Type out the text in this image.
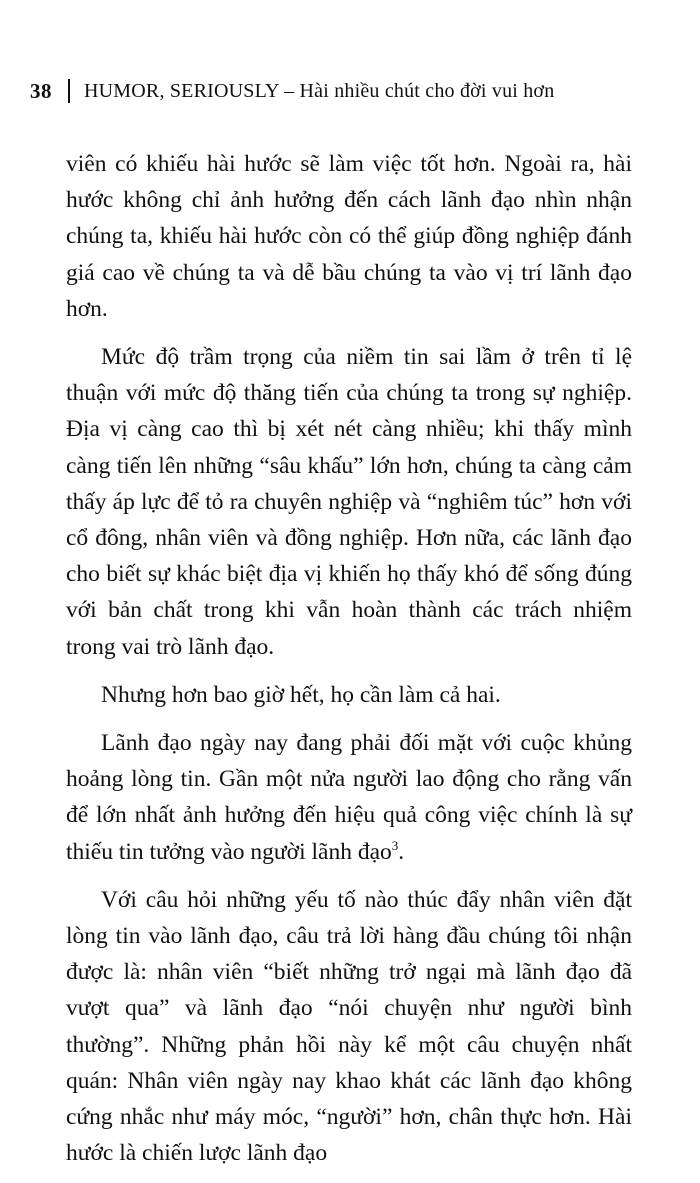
38 HUMOR, SERIOUSLY – Hài nhiều chút cho đời vui hơn

viên có khiếu hài hước sẽ làm việc tốt hơn. Ngoài ra, hài hước không chỉ ảnh hưởng đến cách lãnh đạo nhìn nhận chúng ta, khiếu hài hước còn có thể giúp đồng nghiệp đánh giá cao về chúng ta và dễ bầu chúng ta vào vị trí lãnh đạo hơn.

Mức độ trầm trọng của niềm tin sai lầm ở trên tỉ lệ thuận với mức độ thăng tiến của chúng ta trong sự nghiệp. Địa vị càng cao thì bị xét nét càng nhiều; khi thấy mình càng tiến lên những “sâu khấu” lớn hơn, chúng ta càng cảm thấy áp lực để tỏ ra chuyên nghiệp và “nghiêm túc” hơn với cổ đông, nhân viên và đồng nghiệp. Hơn nữa, các lãnh đạo cho biết sự khác biệt địa vị khiến họ thấy khó để sống đúng với bản chất trong khi vẫn hoàn thành các trách nhiệm trong vai trò lãnh đạo.

Nhưng hơn bao giờ hết, họ cần làm cả hai.

Lãnh đạo ngày nay đang phải đối mặt với cuộc khủng hoảng lòng tin. Gần một nửa người lao động cho rằng vấn để lớn nhất ảnh hưởng đến hiệu quả công việc chính là sự thiếu tin tưởng vào người lãnh đạo$^3$.

Với câu hỏi những yếu tố nào thúc đẩy nhân viên đặt lòng tin vào lãnh đạo, câu trả lời hàng đầu chúng tôi nhận được là: nhân viên “biết những trở ngại mà lãnh đạo đã vượt qua” và lãnh đạo “nói chuyện như người bình thường”. Những phản hồi này kể một câu chuyện nhất quán: Nhân viên ngày nay khao khát các lãnh đạo không cứng nhắc như máy móc, “người” hơn, chân thực hơn. Hài hước là chiến lược lãnh đạo
